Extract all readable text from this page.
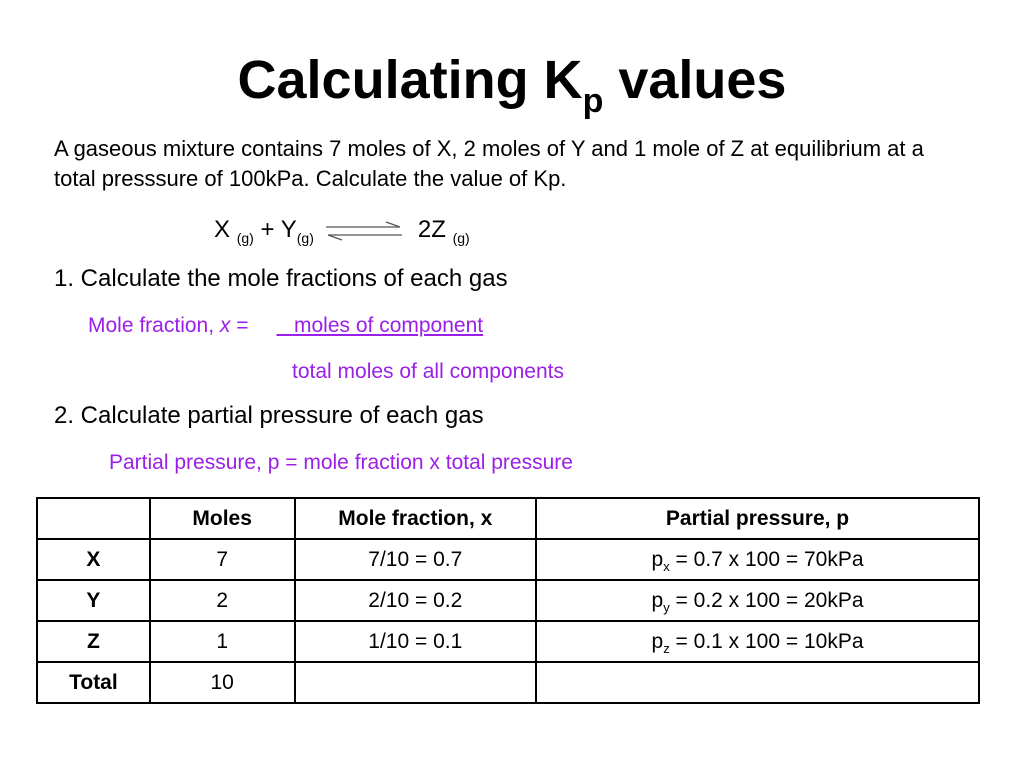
Calculating $K_p$ values
A gaseous mixture contains 7 moles of X, 2 moles of Y and 1 mole of Z at equilibrium at a total presssure of 100kPa. Calculate the value of Kp.
X $_{(g)} + Y_{(g)}$ ⇌ 2Z $_{(g)}$
1. Calculate the mole fractions of each gas
Mole fraction, x =   moles of component
total moles of all components
2. Calculate partial pressure of each gas
Partial pressure, p = mole fraction x total pressure
	Moles	Mole fraction, x	Partial pressure, p
X	7	7/10 = 0.7	$p_x = 0.7$ x 100 = 70kPa
Y	2	2/10 = 0.2	$p_y = 0.2$ x 100 = 20kPa
Z	1	1/10 = 0.1	$p_z = 0.1$ x 100 = 10kPa
Total	10		
